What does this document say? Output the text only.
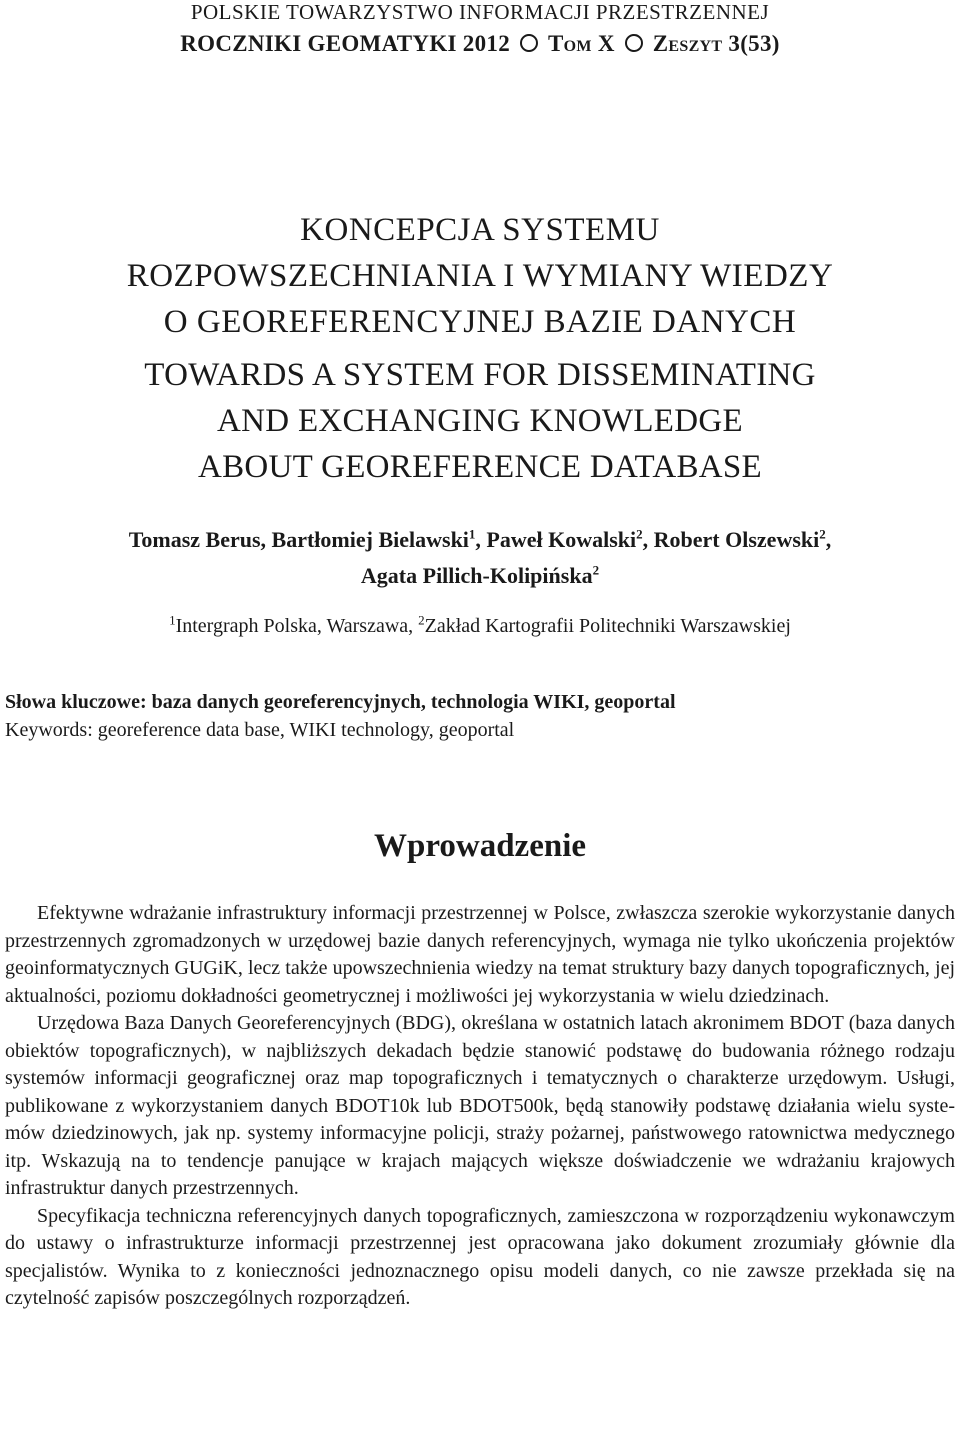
POLSKIE TOWARZYSTWO INFORMACJI PRZESTRZENNEJ
ROCZNIKI GEOMATYKI 2012 Tom X Zeszyt 3(53)
KONCEPCJA SYSTEMU
ROZPOWSZECHNIANIA I WYMIANY WIEDZY
O GEOREFERENCYJNEJ BAZIE DANYCH
TOWARDS A SYSTEM FOR DISSEMINATING
AND EXCHANGING KNOWLEDGE
ABOUT GEOREFERENCE DATABASE
Tomasz Berus, Bartłomiej Bielawski$^1$, Paweł Kowalski$^2$, Robert Olszewski$^2$,
Agata Pillich-Kolipińska$^2$
$^1$Intergraph Polska, Warszawa, $^2$Zakład Kartografii Politechniki Warszawskiej
Słowa kluczowe: baza danych georeferencyjnych, technologia WIKI, geoportal
Keywords: georeference data base, WIKI technology, geoportal
Wprowadzenie

Efektywne wdrażanie infrastruktury informacji przestrzennej w Polsce, zwłaszcza szerokie wykorzystanie danych przestrzennych zgromadzonych w urzędowej bazie danych referencyjnych, wymaga nie tylko ukończenia projektów geoinformatycznych GUGiK, lecz także upowszechnienia wiedzy na temat struktury bazy danych topograficznych, jej aktualności, poziomu dokładności geometrycznej i możliwości jej wykorzystania w wielu dziedzinach.

Urzędowa Baza Danych Georeferencyjnych (BDG), określana w ostatnich latach akronimem BDOT (baza danych obiektów topograficznych), w najbliższych dekadach będzie stanowić podstawę do budowania różnego rodzaju systemów informacji geograficznej oraz map topograficznych i tematycznych o charakterze urzędowym. Usługi, publikowane z wykorzystaniem danych BDOT10k lub BDOT500k, będą stanowiły podstawę działania wielu systemów dziedzinowych, jak np. systemy informacyjne policji, straży pożarnej, państwowego ratownictwa medycznego itp. Wskazują na to tendencje panujące w krajach mających większe doświadczenie we wdrażaniu krajowych infrastruktur danych przestrzennych.

Specyfikacja techniczna referencyjnych danych topograficznych, zamieszczona w rozporządzeniu wykonawczym do ustawy o infrastrukturze informacji przestrzennej jest opracowana jako dokument zrozumiały głównie dla specjalistów. Wynika to z konieczności jednoznacznego opisu modeli danych, co nie zawsze przekłada się na czytelność zapisów poszczególnych rozporządzeń.
